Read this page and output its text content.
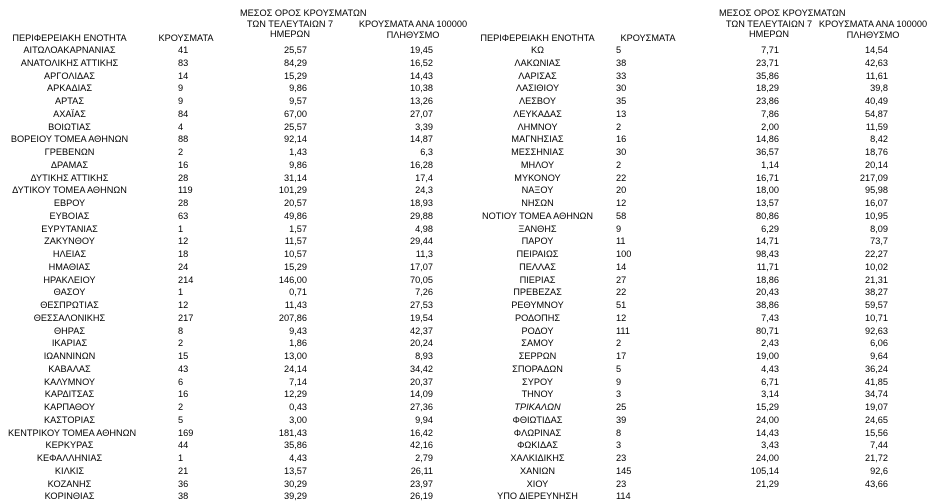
ΠΕΡΙΦΕΡΕΙΑΚΗ ΕΝΟΤΗΤΑ	ΚΡΟΥΣΜΑΤΑ
ΜΕΣΟΣ ΟΡΟΣ ΚΡΟΥΣΜΑΤΩΝ
ΤΩΝ ΤΕΛΕΥΤΑΙΩΝ 7
ΗΜΕΡΩΝ
ΚΡΟΥΣΜΑΤΑ ΑΝΑ 100000
ΠΛΗΘΥΣΜΟ	ΠΕΡΙΦΕΡΕΙΑΚΗ ΕΝΟΤΗΤΑ	ΚΡΟΥΣΜΑΤΑ
ΜΕΣΟΣ ΟΡΟΣ ΚΡΟΥΣΜΑΤΩΝ
ΤΩΝ ΤΕΛΕΥΤΑΙΩΝ 7
ΗΜΕΡΩΝ
ΚΡΟΥΣΜΑΤΑ ΑΝΑ 100000
ΠΛΗΘΥΣΜΟ
ΑΙΤΩΛΟΑΚΑΡΝΑΝΙΑΣ	41	25,57	19,45	ΚΩ	5	7,71	14,54
ΑΝΑΤΟΛΙΚΗΣ ΑΤΤΙΚΗΣ	83	84,29	16,52	ΛΑΚΩΝΙΑΣ	38	23,71	42,63
ΑΡΓΟΛΙΔΑΣ	14	15,29	14,43	ΛΑΡΙΣΑΣ	33	35,86	11,61
ΑΡΚΑΔΙΑΣ	9	9,86	10,38	ΛΑΣΙΘΙΟΥ	30	18,29	39,8
ΑΡΤΑΣ	9	9,57	13,26	ΛΕΣΒΟΥ	35	23,86	40,49
ΑΧΑΪΑΣ	84	67,00	27,07	ΛΕΥΚΑΔΑΣ	13	7,86	54,87
ΒΟΙΩΤΙΑΣ	4	25,57	3,39	ΛΗΜΝΟΥ	2	2,00	11,59
ΒΟΡΕΙΟΥ ΤΟΜΕΑ ΑΘΗΝΩΝ	88	92,14	14,87	ΜΑΓΝΗΣΙΑΣ	16	14,86	8,42
ΓΡΕΒΕΝΩΝ	2	1,43	6,3	ΜΕΣΣΗΝΙΑΣ	30	36,57	18,76
ΔΡΑΜΑΣ	16	9,86	16,28	ΜΗΛΟΥ	2	1,14	20,14
ΔΥΤΙΚΗΣ ΑΤΤΙΚΗΣ	28	31,14	17,4	ΜΥΚΟΝΟΥ	22	16,71	217,09
ΔΥΤΙΚΟΥ ΤΟΜΕΑ ΑΘΗΝΩΝ	119	101,29	24,3	ΝΑΞΟΥ	20	18,00	95,98
ΕΒΡΟΥ	28	20,57	18,93	ΝΗΣΩΝ	12	13,57	16,07
ΕΥΒΟΙΑΣ	63	49,86	29,88	ΝΟΤΙΟΥ ΤΟΜΕΑ ΑΘΗΝΩΝ	58	80,86	10,95
ΕΥΡΥΤΑΝΙΑΣ	1	1,57	4,98	ΞΑΝΘΗΣ	9	6,29	8,09
ΖΑΚΥΝΘΟΥ	12	11,57	29,44	ΠΑΡΟΥ	11	14,71	73,7
ΗΛΕΙΑΣ	18	10,57	11,3	ΠΕΙΡΑΙΩΣ	100	98,43	22,27
ΗΜΑΘΙΑΣ	24	15,29	17,07	ΠΕΛΛΑΣ	14	11,71	10,02
ΗΡΑΚΛΕΙΟΥ	214	146,00	70,05	ΠΙΕΡΙΑΣ	27	18,86	21,31
ΘΑΣΟΥ	1	0,71	7,26	ΠΡΕΒΕΖΑΣ	22	20,43	38,27
ΘΕΣΠΡΩΤΙΑΣ	12	11,43	27,53	ΡΕΘΥΜΝΟΥ	51	38,86	59,57
ΘΕΣΣΑΛΟΝΙΚΗΣ	217	207,86	19,54	ΡΟΔΟΠΗΣ	12	7,43	10,71
ΘΗΡΑΣ	8	9,43	42,37	ΡΟΔΟΥ	111	80,71	92,63
ΙΚΑΡΙΑΣ	2	1,86	20,24	ΣΑΜΟΥ	2	2,43	6,06
ΙΩΑΝΝΙΝΩΝ	15	13,00	8,93	ΣΕΡΡΩΝ	17	19,00	9,64
ΚΑΒΑΛΑΣ	43	24,14	34,42	ΣΠΟΡΑΔΩΝ	5	4,43	36,24
ΚΑΛΥΜΝΟΥ	6	7,14	20,37	ΣΥΡΟΥ	9	6,71	41,85
ΚΑΡΔΙΤΣΑΣ	16	12,29	14,09	ΤΗΝΟΥ	3	3,14	34,74
ΚΑΡΠΑΘΟΥ	2	0,43	27,36	ΤΡΙΚΑΛΩΝ	25	15,29	19,07
ΚΑΣΤΟΡΙΑΣ	5	3,00	9,94	ΦΘΙΩΤΙΔΑΣ	39	24,00	24,65
ΚΕΝΤΡΙΚΟΥ ΤΟΜΕΑ ΑΘΗΝΩΝ	169	181,43	16,42	ΦΛΩΡΙΝΑΣ	8	14,43	15,56
ΚΕΡΚΥΡΑΣ	44	35,86	42,16	ΦΩΚΙΔΑΣ	3	3,43	7,44
ΚΕΦΑΛΛΗΝΙΑΣ	1	4,43	2,79	ΧΑΛΚΙΔΙΚΗΣ	23	24,00	21,72
ΚΙΛΚΙΣ	21	13,57	26,11	ΧΑΝΙΩΝ	145	105,14	92,6
ΚΟΖΑΝΗΣ	36	30,29	23,97	ΧΙΟΥ	23	21,29	43,66
ΚΟΡΙΝΘΙΑΣ	38	39,29	26,19	ΥΠΟ ΔΙΕΡΕΥΝΗΣΗ	114
